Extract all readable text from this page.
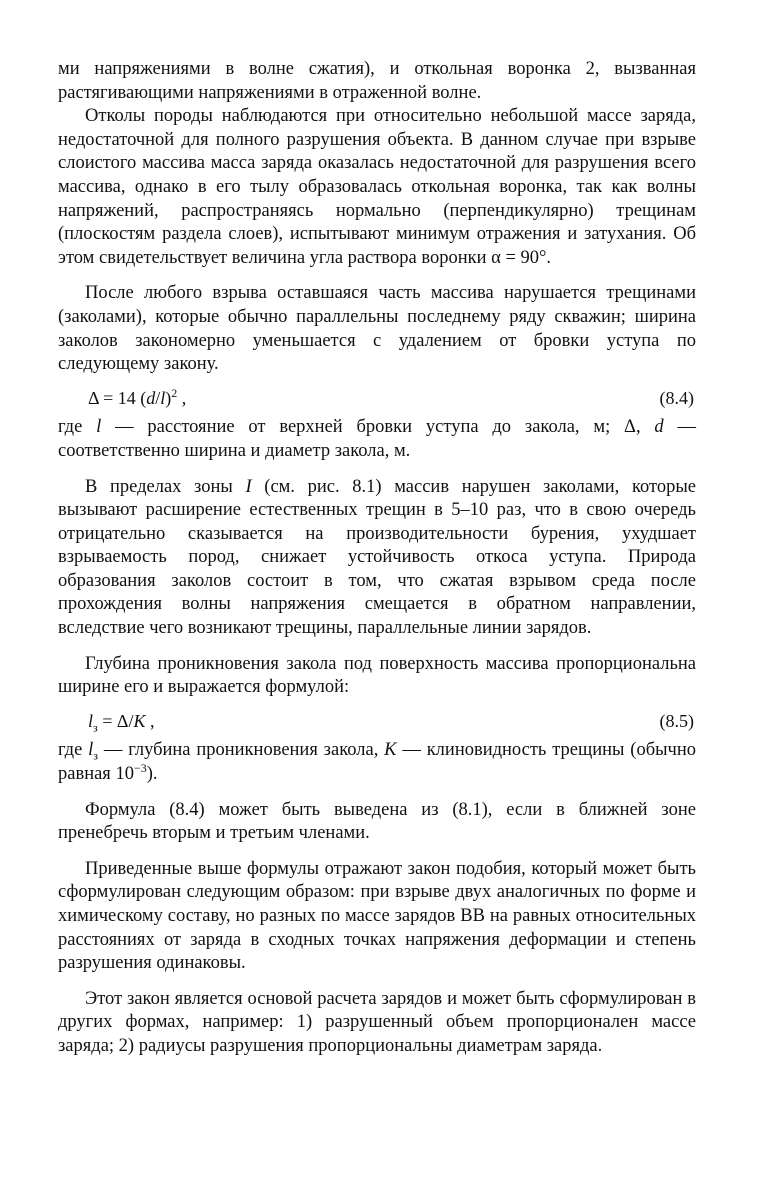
ми напряжениями в волне сжатия), и откольная воронка 2, вызванная растягивающими напряжениями в отраженной волне.

Отколы породы наблюдаются при относительно небольшой массе заряда, недостаточной для полного разрушения объекта. В данном случае при взрыве слоистого массива масса заряда оказалась недостаточной для разрушения всего массива, однако в его тылу образовалась откольная воронка, так как волны напряжений, распространяясь нормально (перпендикулярно) трещинам (плоскостям раздела слоев), испытывают минимум отражения и затухания. Об этом свидетельствует величина угла раствора воронки α = 90°.

После любого взрыва оставшаяся часть массива нарушается трещинами (заколами), которые обычно параллельны последнему ряду скважин; ширина заколов закономерно уменьшается с удалением от бровки уступа по следующему закону.

Δ = 14 $(d/l)^2$ ,	(8.4)

где l — расстояние от верхней бровки уступа до закола, м; Δ, d — соответственно ширина и диаметр закола, м.

В пределах зоны I (см. рис. 8.1) массив нарушен заколами, которые вызывают расширение естественных трещин в 5–10 раз, что в свою очередь отрицательно сказывается на производительности бурения, ухудшает взрываемость пород, снижает устойчивость откоса уступа. Природа образования заколов состоит в том, что сжатая взрывом среда после прохождения волны напряжения смещается в обратном направлении, вследствие чего возникают трещины, параллельные линии зарядов.

Глубина проникновения закола под поверхность массива пропорциональна ширине его и выражается формулой:

$l_з = \Delta/K$ ,	(8.5)

где $l_з$ — глубина проникновения закола, K — клиновидность трещины (обычно равная $10^{-3}$).

Формула (8.4) может быть выведена из (8.1), если в ближней зоне пренебречь вторым и третьим членами.

Приведенные выше формулы отражают закон подобия, который может быть сформулирован следующим образом: при взрыве двух аналогичных по форме и химическому составу, но разных по массе зарядов ВВ на равных относительных расстояниях от заряда в сходных точках напряжения деформации и степень разрушения одинаковы.

Этот закон является основой расчета зарядов и может быть сформулирован в других формах, например: 1) разрушенный объем пропорционален массе заряда; 2) радиусы разрушения пропорциональны диаметрам заряда.
